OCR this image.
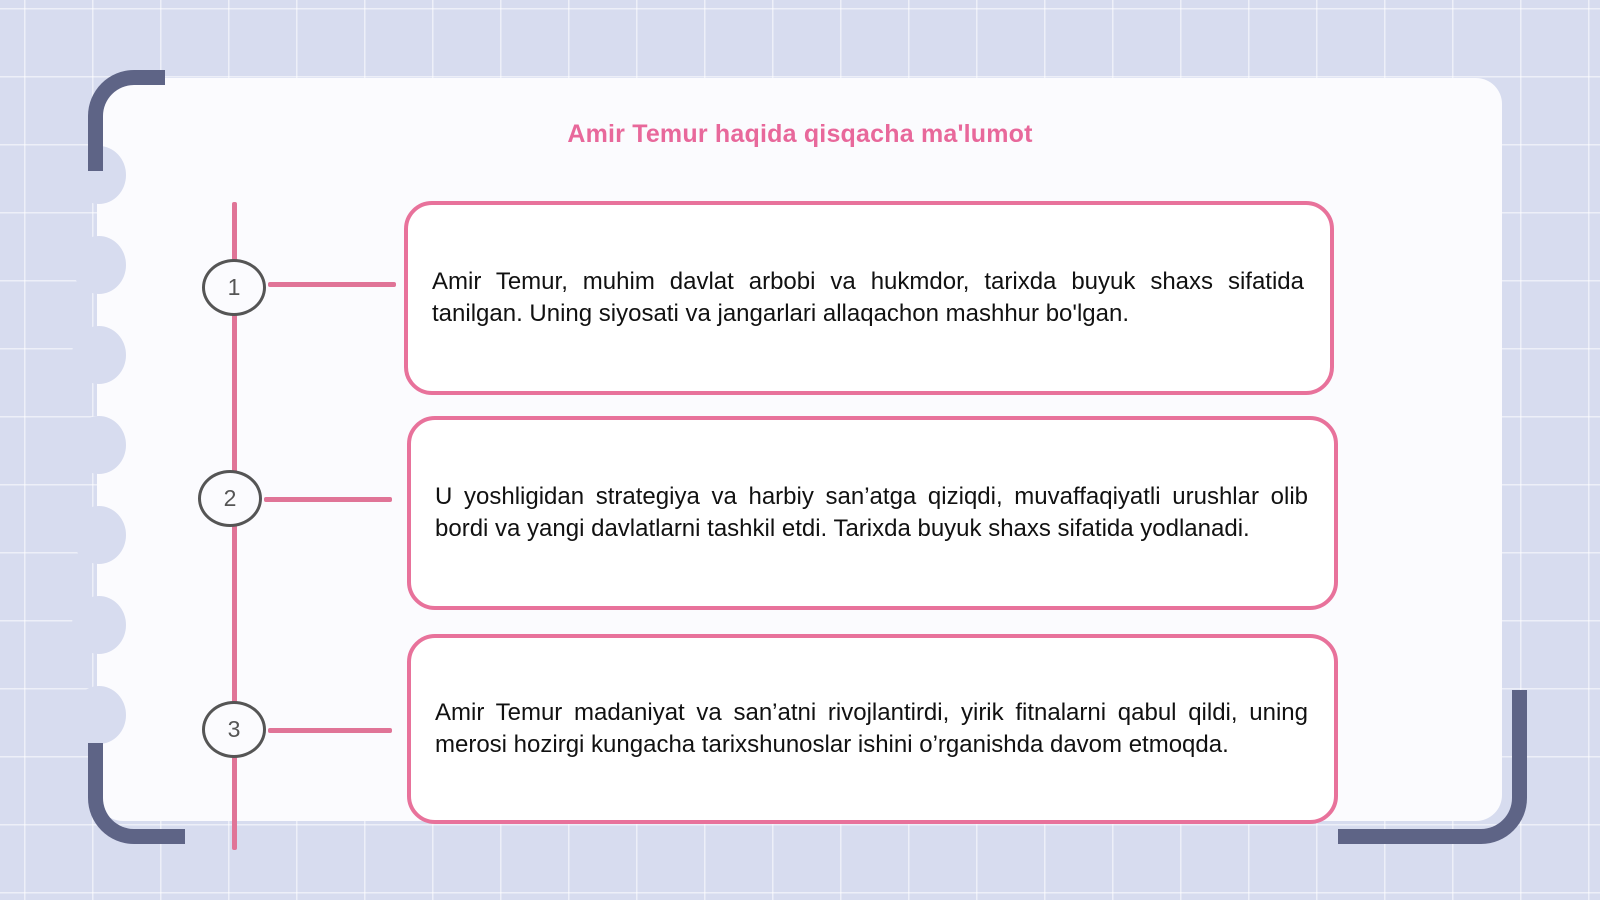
Amir Temur haqida qisqacha ma'lumot
1	Amir Temur, muhim davlat arbobi va hukmdor, tarixda buyuk shaxs sifatida tanilgan. Uning siyosati va jangarlari allaqachon mashhur bo'lgan.
2	U yoshligidan strategiya va harbiy san’atga qiziqdi, muvaffaqiyatli urushlar olib bordi va yangi davlatlarni tashkil etdi. Tarixda buyuk shaxs sifatida yodlanadi.
3
Amir Temur madaniyat va san’atni rivojlantirdi, yirik fitnalarni qabul qildi, uning merosi hozirgi kungacha tarixshunoslar ishini o’rganishda davom etmoqda.
